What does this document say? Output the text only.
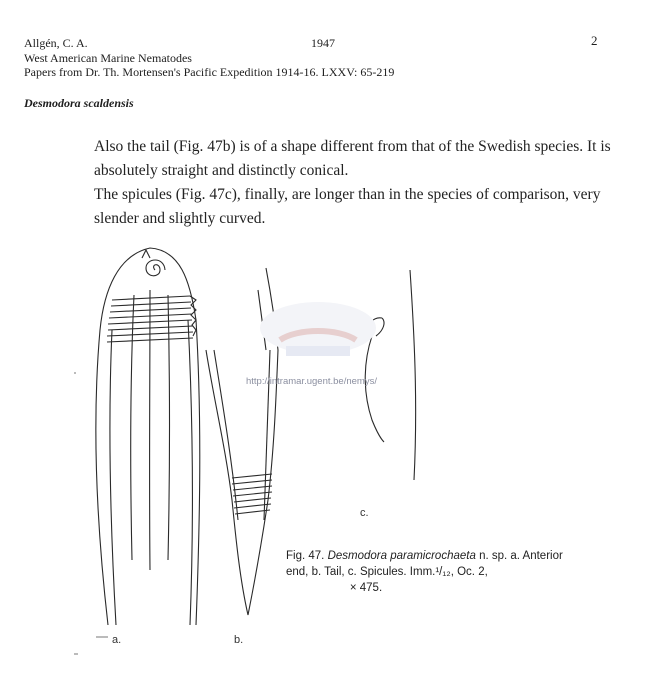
Allgén, C. A.	1947	2
West American Marine Nematodes
Papers from Dr. Th. Mortensen's Pacific Expedition 1914-16. LXXV: 65-219
Desmodora scaldensis
Also the tail (Fig. 47b) is of a shape different from that of the Swedish species. It is absolutely straight and distinctly conical.
The spicules (Fig. 47c), finally, are longer than in the species of comparison, very slender and slightly curved.
http://intramar.ugent.be/nemys/
a.	b.
c.
Fig. 47. Desmodora paramicrochaeta n. sp. a. Anterior end, b. Tail, c. Spicules. Imm.¹/₁₂, Oc. 2,
× 475.
